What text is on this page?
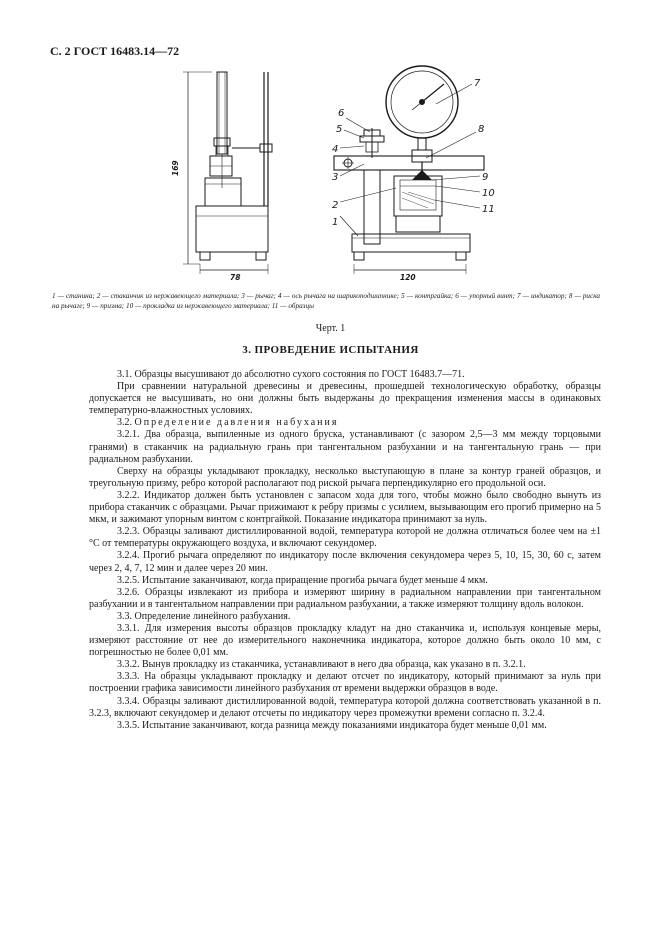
С. 2 ГОСТ 16483.14—72
169
78	120
1
2
3
4
5
6
7
8
9
10
11
1 — станина; 2 — стаканчик из нержавеющего материала; 3 — рычаг; 4 — ось рычага на шарикоподшипнике; 5 — контргайка; 6 — упорный винт; 7 — индикатор; 8 — риска на рычаге; 9 — призма; 10 — прокладка из нержавеющего материала; 11 — образцы
Черт. 1
3. ПРОВЕДЕНИЕ ИСПЫТАНИЯ

3.1. Образцы высушивают до абсолютно сухого состояния по ГОСТ 16483.7—71.

При сравнении натуральной древесины и древесины, прошедшей технологическую обработку, образцы допускается не высушивать, но они должны быть выдержаны до прекращения изменения массы в одинаковых температурно-влажностных условиях.

3.2. Определение давления набухания

3.2.1. Два образца, выпиленные из одного бруска, устанавливают (с зазором 2,5—3 мм между торцовыми гранями) в стаканчик на радиальную грань при тангентальном разбухании и на тангентальную грань — при радиальном разбухании.

Сверху на образцы укладывают прокладку, несколько выступающую в плане за контур граней образцов, и треугольную призму, ребро которой располагают под риской рычага перпендикулярно его продольной оси.

3.2.2. Индикатор должен быть установлен с запасом хода для того, чтобы можно было свободно вынуть из прибора стаканчик с образцами. Рычаг прижимают к ребру призмы с усилием, вызывающим его прогиб примерно на 5 мкм, и зажимают упорным винтом с контргайкой. Показание индикатора принимают за нуль.

3.2.3. Образцы заливают дистиллированной водой, температура которой не должна отличаться более чем на ±1 °С от температуры окружающего воздуха, и включают секундомер.

3.2.4. Прогиб рычага определяют по индикатору после включения секундомера через 5, 10, 15, 30, 60 с, затем через 2, 4, 7, 12 мин и далее через 20 мин.

3.2.5. Испытание заканчивают, когда приращение прогиба рычага будет меньше 4 мкм.

3.2.6. Образцы извлекают из прибора и измеряют ширину в радиальном направлении при тангентальном разбухании и в тангентальном направлении при радиальном разбухании, а также измеряют толщину вдоль волокон.

3.3. Определение линейного разбухания.

3.3.1. Для измерения высоты образцов прокладку кладут на дно стаканчика и, используя концевые меры, измеряют расстояние от нее до измерительного наконечника индикатора, которое должно быть около 10 мм, с погрешностью не более 0,01 мм.

3.3.2. Вынув прокладку из стаканчика, устанавливают в него два образца, как указано в п. 3.2.1.

3.3.3. На образцы укладывают прокладку и делают отсчет по индикатору, который принимают за нуль при построении графика зависимости линейного разбухания от времени выдержки образцов в воде.

3.3.4. Образцы заливают дистиллированной водой, температура которой должна соответствовать указанной в п. 3.2.3, включают секундомер и делают отсчеты по индикатору через промежутки времени согласно п. 3.2.4.

3.3.5. Испытание заканчивают, когда разница между показаниями индикатора будет меньше 0,01 мм.
